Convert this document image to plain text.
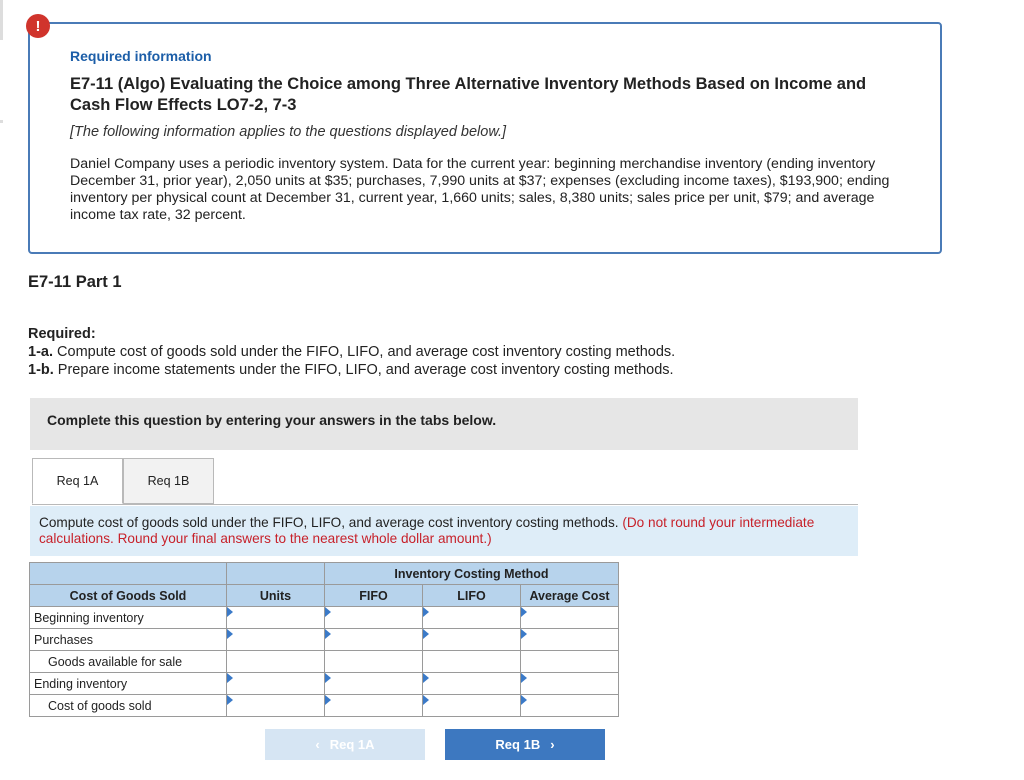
Required information
E7-11 (Algo) Evaluating the Choice among Three Alternative Inventory Methods Based on Income and Cash Flow Effects LO7-2, 7-3
[The following information applies to the questions displayed below.]
Daniel Company uses a periodic inventory system. Data for the current year: beginning merchandise inventory (ending inventory December 31, prior year), 2,050 units at $35; purchases, 7,990 units at $37; expenses (excluding income taxes), $193,900; ending inventory per physical count at December 31, current year, 1,660 units; sales, 8,380 units; sales price per unit, $79; and average income tax rate, 32 percent.
!
E7-11 Part 1
Required:
1-a. Compute cost of goods sold under the FIFO, LIFO, and average cost inventory costing methods.
1-b. Prepare income statements under the FIFO, LIFO, and average cost inventory costing methods.
Complete this question by entering your answers in the tabs below.
Req 1A	Req 1B
Compute cost of goods sold under the FIFO, LIFO, and average cost inventory costing methods. (Do not round your intermediate calculations. Round your final answers to the nearest whole dollar amount.)
		Inventory Costing Method		
Cost of Goods Sold	Units	FIFO	LIFO	Average Cost
Beginning inventory	

Purchases	

Goods available for sale				
Ending inventory	

Cost of goods sold	

‹ Req 1A	Req 1B ›
